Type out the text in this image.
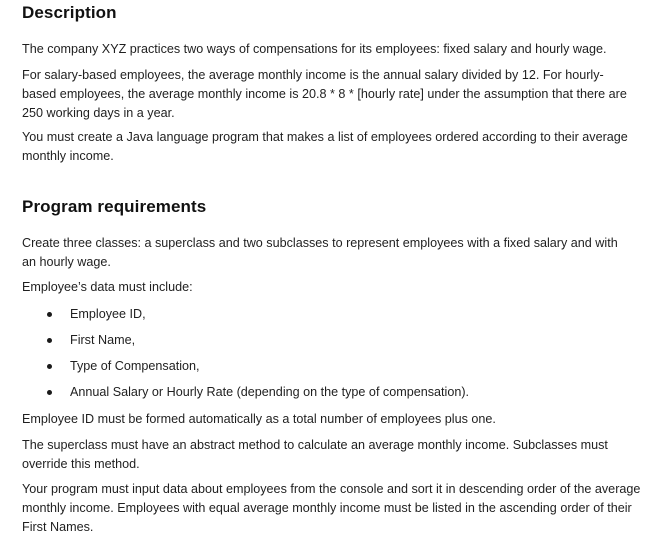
Description

The company XYZ practices two ways of compensations for its employees: fixed salary and hourly wage.

For salary-based employees, the average monthly income is the annual salary divided by 12. For hourly-based employees, the average monthly income is 20.8 * 8 * [hourly rate] under the assumption that there are 250 working days in a year.

You must create a Java language program that makes a list of employees ordered according to their average monthly income.

Program requirements

Create three classes: a superclass and two subclasses to represent employees with a fixed salary and with an hourly wage.

Employee’s data must include:

Employee ID,
First Name,
Type of Compensation,
Annual Salary or Hourly Rate (depending on the type of compensation).

Employee ID must be formed automatically as a total number of employees plus one.

The superclass must have an abstract method to calculate an average monthly income. Subclasses must override this method.

Your program must input data about employees from the console and sort it in descending order of the average monthly income. Employees with equal average monthly income must be listed in the ascending order of their First Names.
